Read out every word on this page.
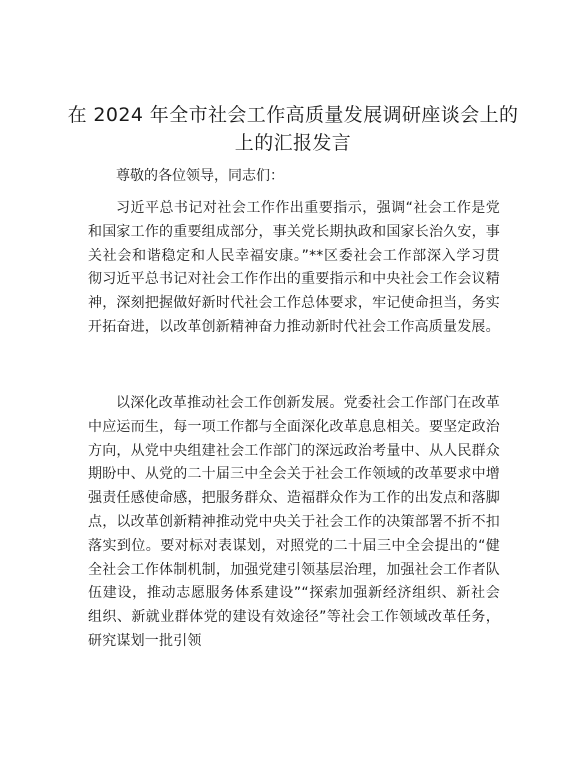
在 2024 年全市社会工作高质量发展调研座谈会上的上的汇报发言

尊敬的各位领导，同志们：

习近平总书记对社会工作作出重要指示，强调“社会工作是党和国家工作的重要组成部分，事关党长期执政和国家长治久安，事关社会和谐稳定和人民幸福安康。”**区委社会工作部深入学习贯彻习近平总书记对社会工作作出的重要指示和中央社会工作会议精神，深刻把握做好新时代社会工作总体要求，牢记使命担当，务实开拓奋进，以改革创新精神奋力推动新时代社会工作高质量发展。

以深化改革推动社会工作创新发展。党委社会工作部门在改革中应运而生，每一项工作都与全面深化改革息息相关。要坚定政治方向，从党中央组建社会工作部门的深远政治考量中、从人民群众期盼中、从党的二十届三中全会关于社会工作领域的改革要求中增强责任感使命感，把服务群众、造福群众作为工作的出发点和落脚点，以改革创新精神推动党中央关于社会工作的决策部署不折不扣落实到位。要对标对表谋划，对照党的二十届三中全会提出的“健全社会工作体制机制，加强党建引领基层治理，加强社会工作者队伍建设，推动志愿服务体系建设”“探索加强新经济组织、新社会组织、新就业群体党的建设有效途径”等社会工作领域改革任务，研究谋划一批引领
